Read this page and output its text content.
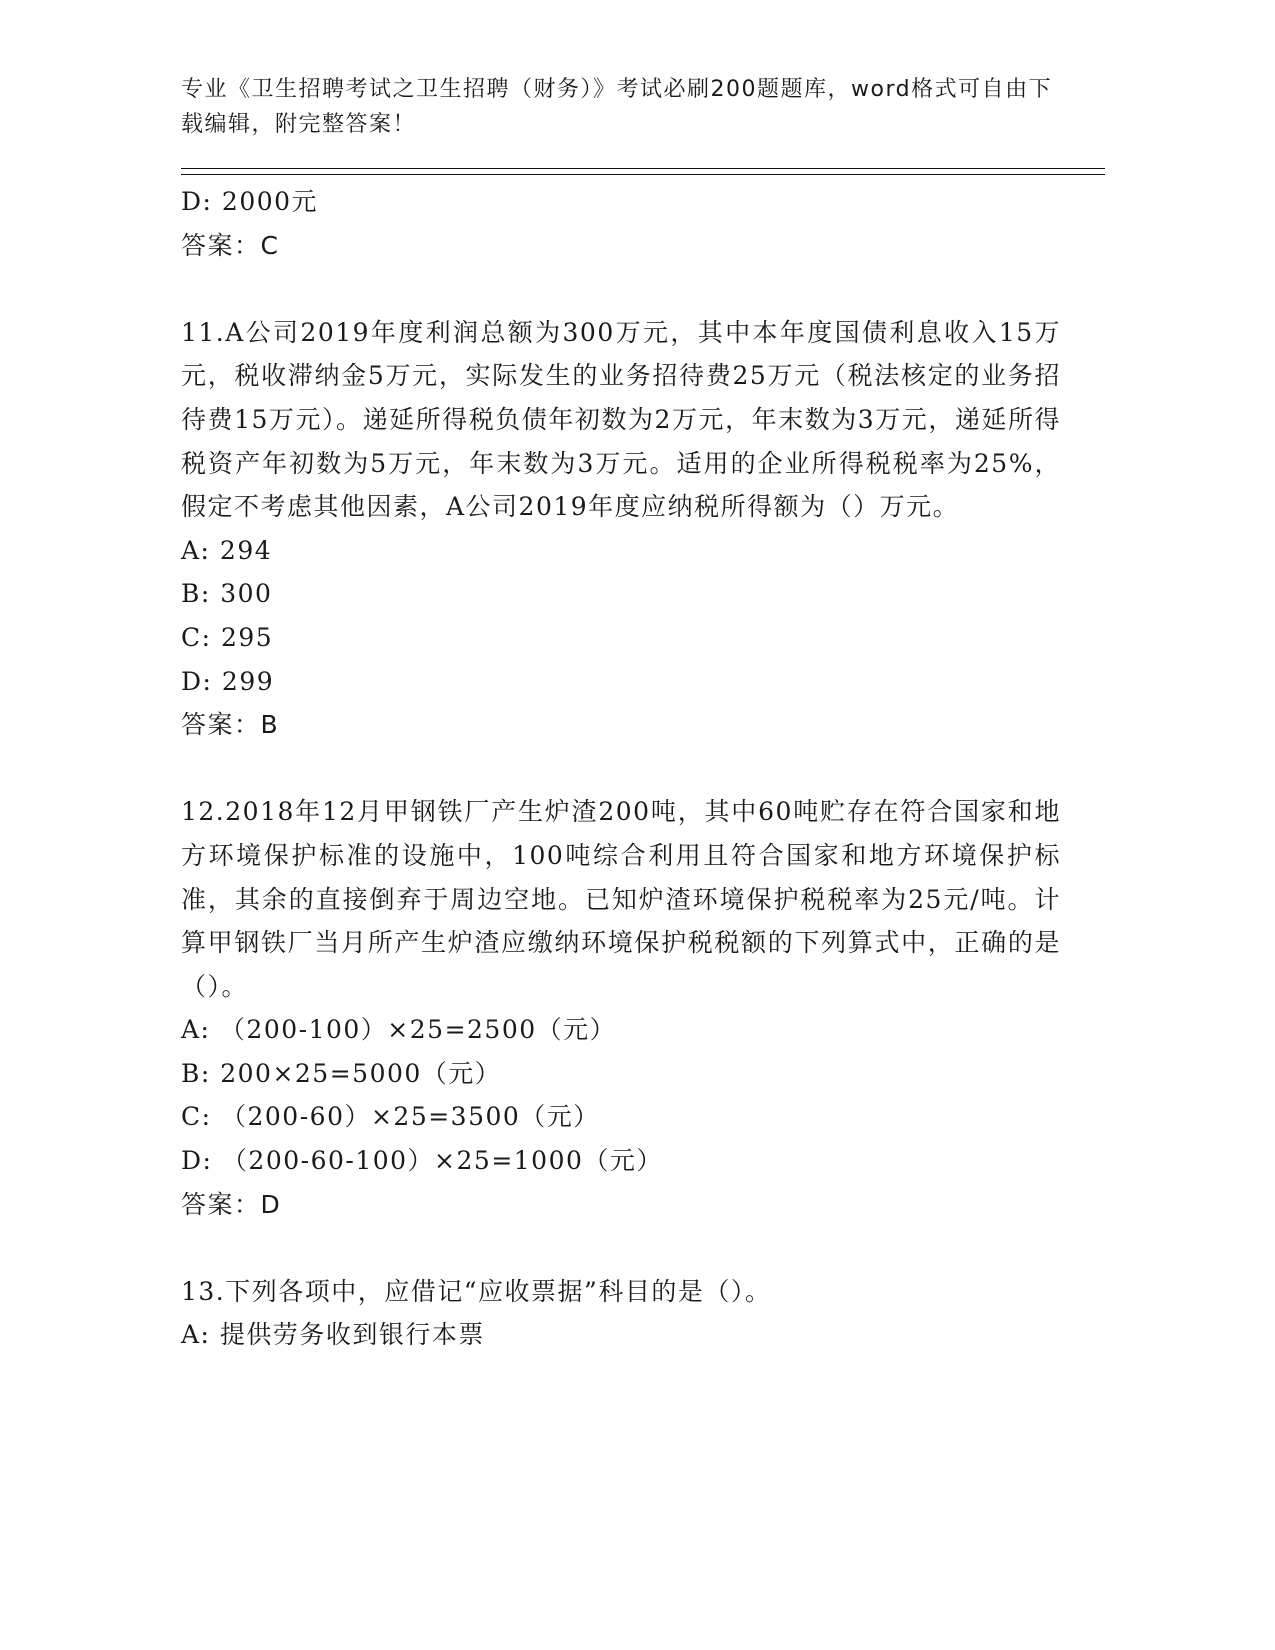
专业《卫生招聘考试之卫生招聘（财务）》考试必刷200题题库，word格式可自由下载编辑，附完整答案！
D: 2000元
答案：C
11.A公司2019年度利润总额为300万元，其中本年度国债利息收入15万元，税收滞纳金5万元，实际发生的业务招待费25万元（税法核定的业务招待费15万元）。递延所得税负债年初数为2万元，年末数为3万元，递延所得税资产年初数为5万元，年末数为3万元。适用的企业所得税税率为25%，假定不考虑其他因素，A公司2019年度应纳税所得额为（）万元。
A: 294
B: 300
C: 295
D: 299
答案：B
12.2018年12月甲钢铁厂产生炉渣200吨，其中60吨贮存在符合国家和地方环境保护标准的设施中，100吨综合利用且符合国家和地方环境保护标准，其余的直接倒弃于周边空地。已知炉渣环境保护税税率为25元/吨。计算甲钢铁厂当月所产生炉渣应缴纳环境保护税税额的下列算式中，正确的是（）。
A: （200-100）×25=2500（元）
B: 200×25=5000（元）
C: （200-60）×25=3500（元）
D: （200-60-100）×25=1000（元）
答案：D
13.下列各项中，应借记“应收票据”科目的是（）。
A: 提供劳务收到银行本票
